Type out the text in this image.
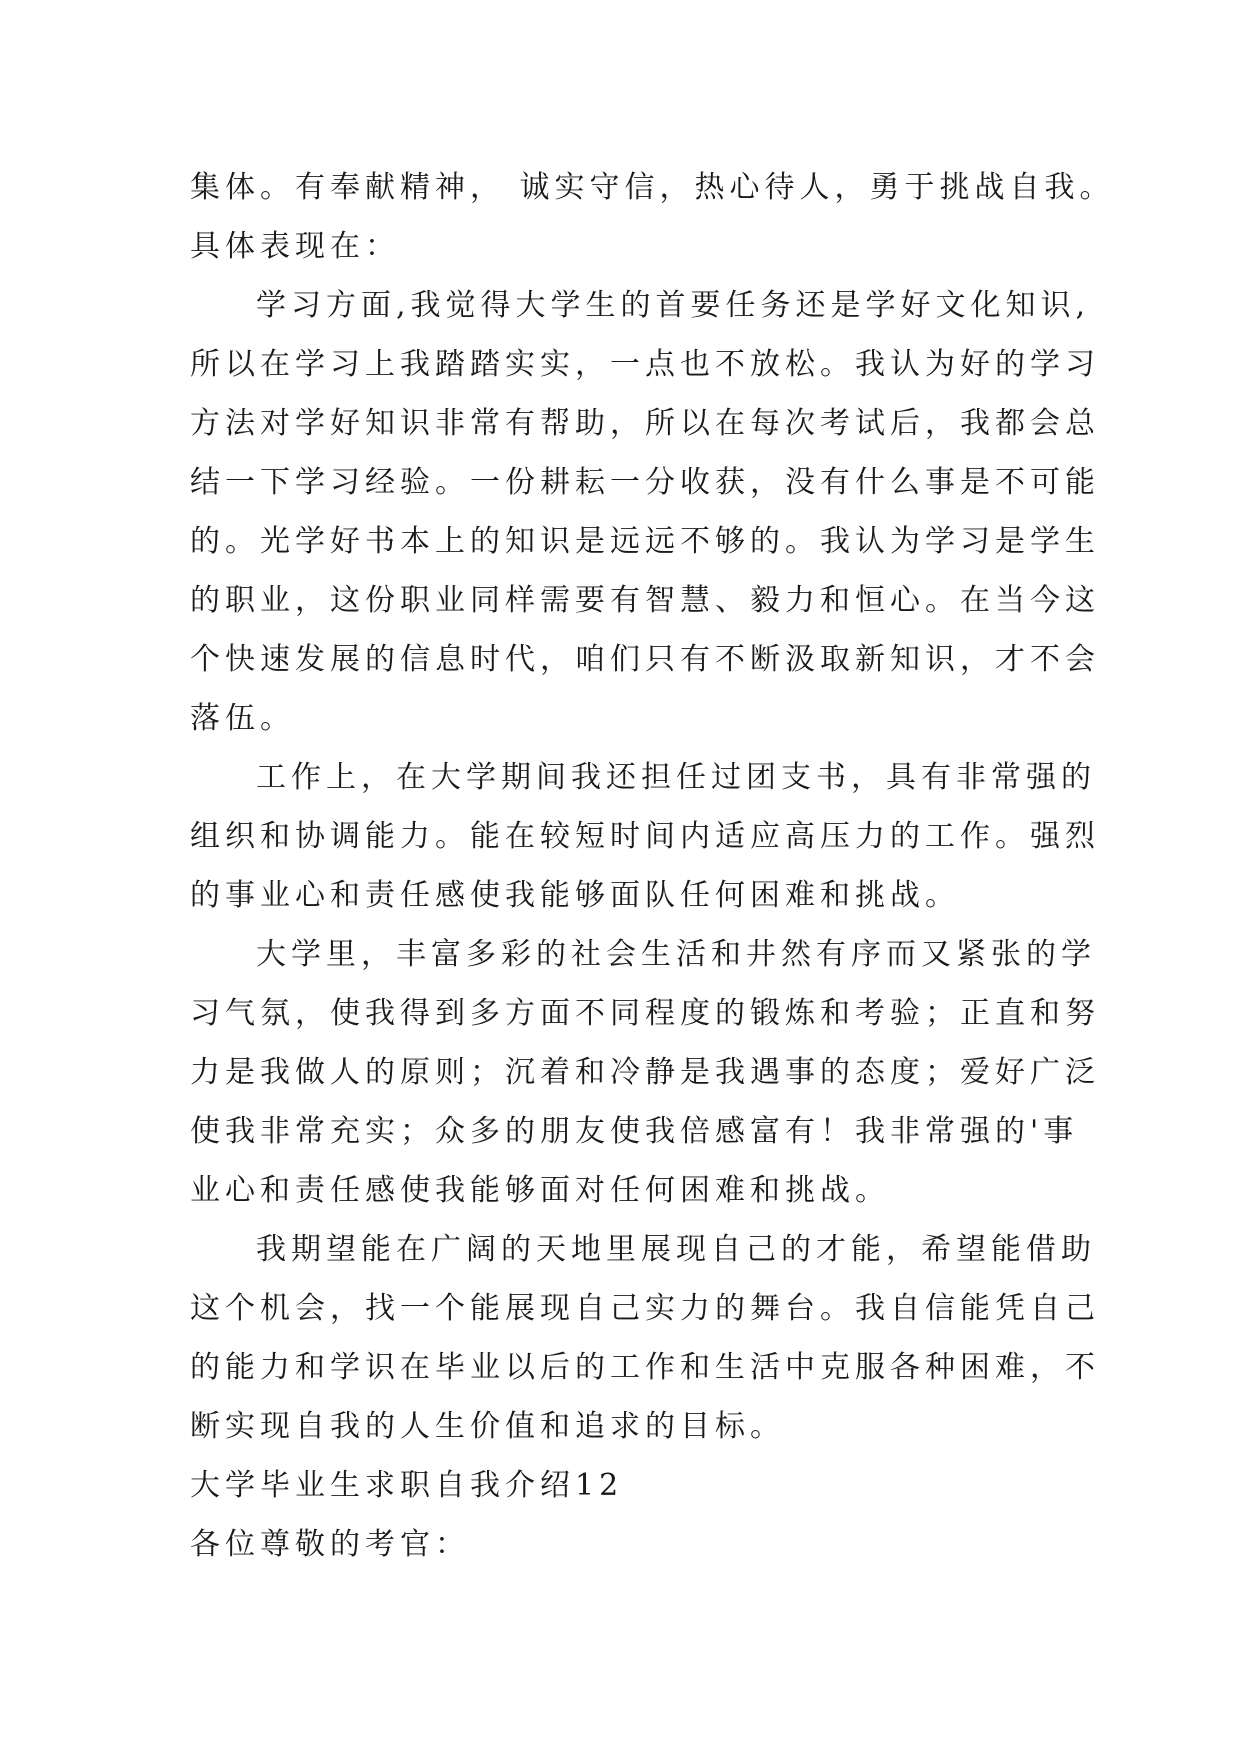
集体。有奉献精神， 诚实守信，热心待人，勇于挑战自我。

具体表现在：

学习方面,我觉得大学生的首要任务还是学好文化知识,

所以在学习上我踏踏实实，一点也不放松。我认为好的学习

方法对学好知识非常有帮助，所以在每次考试后，我都会总

结一下学习经验。一份耕耘一分收获，没有什么事是不可能

的。光学好书本上的知识是远远不够的。我认为学习是学生

的职业，这份职业同样需要有智慧、毅力和恒心。在当今这

个快速发展的信息时代，咱们只有不断汲取新知识，才不会

落伍。

工作上，在大学期间我还担任过团支书，具有非常强的

组织和协调能力。能在较短时间内适应高压力的工作。强烈

的事业心和责任感使我能够面队任何困难和挑战。

大学里，丰富多彩的社会生活和井然有序而又紧张的学

习气氛，使我得到多方面不同程度的锻炼和考验；正直和努

力是我做人的原则；沉着和冷静是我遇事的态度；爱好广泛

使我非常充实；众多的朋友使我倍感富有！我非常强的'事

业心和责任感使我能够面对任何困难和挑战。

我期望能在广阔的天地里展现自己的才能，希望能借助

这个机会，找一个能展现自己实力的舞台。我自信能凭自己

的能力和学识在毕业以后的工作和生活中克服各种困难，不

断实现自我的人生价值和追求的目标。

大学毕业生求职自我介绍12

各位尊敬的考官：
